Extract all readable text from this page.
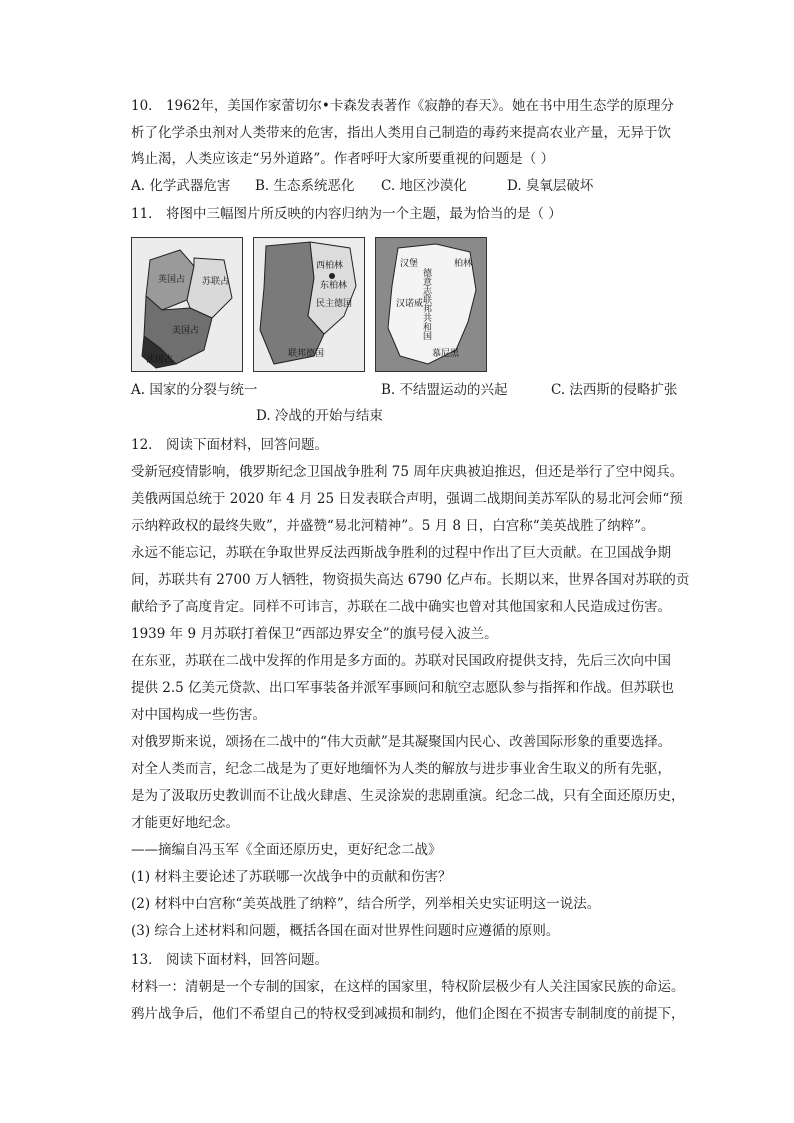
10． 1962年，美国作家蕾切尔•卡森发表著作《寂静的春天》。她在书中用生态学的原理分
析了化学杀虫剂对人类带来的危害，指出人类用自己制造的毒药来提高农业产量，无异于饮
鸩止渴，人类应该走“另外道路”。作者呼吁大家所要重视的问题是（ ）
A. 化学武器危害 B. 生态系统恶化 C. 地区沙漠化	D. 臭氧层破坏
11． 将图中三幅图片所反映的内容归纳为一个主题，最为恰当的是（ ）
英国占 苏联占
美国占
法国占
西柏林
东柏林
民主德国
联邦德国
德意志联邦共和国
柏林
汉堡
汉诺威
慕尼黑
A. 国家的分裂与统一	B. 不结盟运动的兴起	C. 法西斯的侵略扩张
D. 冷战的开始与结束
12． 阅读下面材料，回答问题。
受新冠疫情影响，俄罗斯纪念卫国战争胜利 75 周年庆典被迫推迟，但还是举行了空中阅兵。
美俄两国总统于 2020 年 4 月 25 日发表联合声明，强调二战期间美苏军队的易北河会师“预
示纳粹政权的最终失败”，并盛赞“易北河精神”。5 月 8 日，白宫称“美英战胜了纳粹”。
永远不能忘记，苏联在争取世界反法西斯战争胜利的过程中作出了巨大贡献。在卫国战争期
间，苏联共有 2700 万人牺牲，物资损失高达 6790 亿卢布。长期以来，世界各国对苏联的贡
献给予了高度肯定。同样不可讳言，苏联在二战中确实也曾对其他国家和人民造成过伤害。
1939 年 9 月苏联打着保卫“西部边界安全”的旗号侵入波兰。
在东亚，苏联在二战中发挥的作用是多方面的。苏联对民国政府提供支持，先后三次向中国
提供 2.5 亿美元贷款、出口军事装备并派军事顾问和航空志愿队参与指挥和作战。但苏联也
对中国构成一些伤害。
对俄罗斯来说，颂扬在二战中的“伟大贡献”是其凝聚国内民心、改善国际形象的重要选择。
对全人类而言，纪念二战是为了更好地缅怀为人类的解放与进步事业舍生取义的所有先驱，
是为了汲取历史教训而不让战火肆虐、生灵涂炭的悲剧重演。纪念二战，只有全面还原历史，
才能更好地纪念。
——摘编自冯玉军《全面还原历史，更好纪念二战》
(1) 材料主要论述了苏联哪一次战争中的贡献和伤害？
(2) 材料中白宫称“美英战胜了纳粹”，结合所学，列举相关史实证明这一说法。
(3) 综合上述材料和问题，概括各国在面对世界性问题时应遵循的原则。
13． 阅读下面材料，回答问题。
材料一：清朝是一个专制的国家，在这样的国家里，特权阶层极少有人关注国家民族的命运。
鸦片战争后，他们不希望自己的特权受到减损和制约，他们企图在不损害专制制度的前提下，
